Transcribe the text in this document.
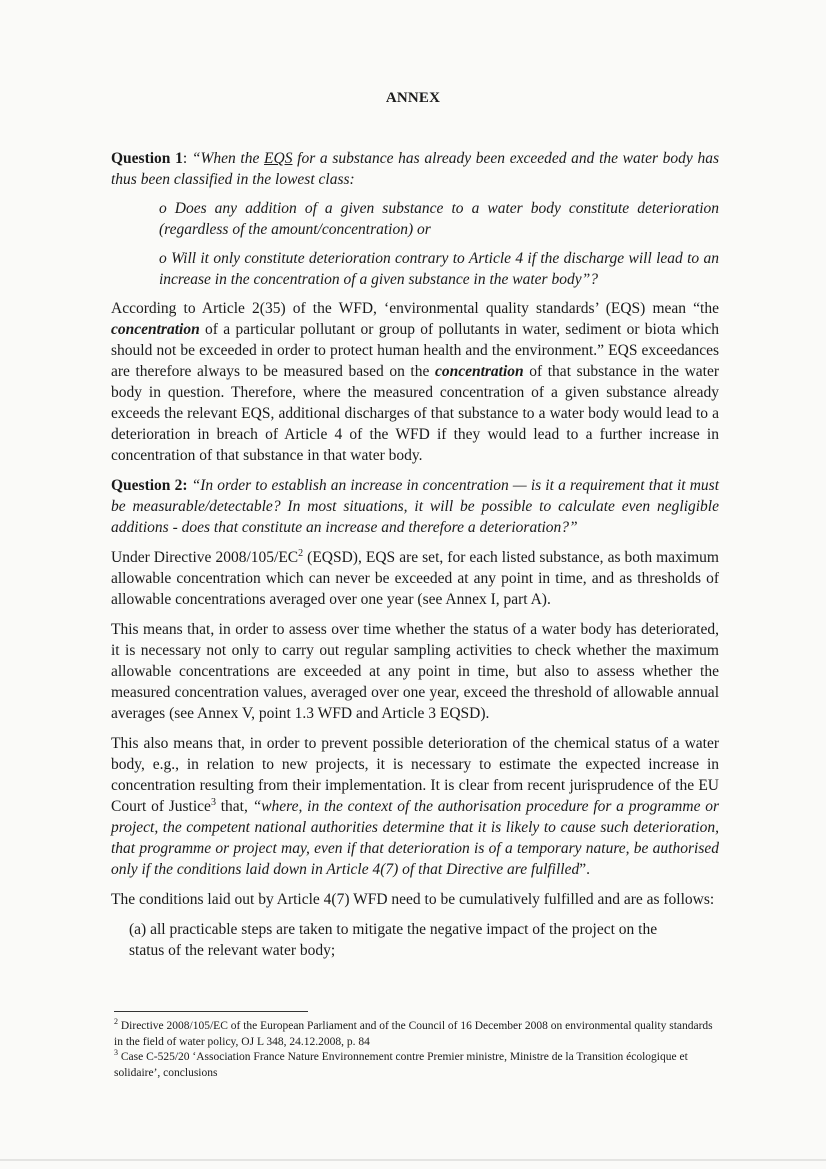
ANNEX

Question 1: “When the EQS for a substance has already been exceeded and the water body has thus been classified in the lowest class:

o Does any addition of a given substance to a water body constitute deterioration (regardless of the amount/concentration) or

o Will it only constitute deterioration contrary to Article 4 if the discharge will lead to an increase in the concentration of a given substance in the water body”?

According to Article 2(35) of the WFD, ‘environmental quality standards’ (EQS) mean “the concentration of a particular pollutant or group of pollutants in water, sediment or biota which should not be exceeded in order to protect human health and the environment.” EQS exceedances are therefore always to be measured based on the concentration of that substance in the water body in question. Therefore, where the measured concentration of a given substance already exceeds the relevant EQS, additional discharges of that substance to a water body would lead to a deterioration in breach of Article 4 of the WFD if they would lead to a further increase in concentration of that substance in that water body.

Question 2: “In order to establish an increase in concentration — is it a requirement that it must be measurable/detectable? In most situations, it will be possible to calculate even negligible additions - does that constitute an increase and therefore a deterioration?”

Under Directive $2008/105/EC^2$ (EQSD), EQS are set, for each listed substance, as both maximum allowable concentration which can never be exceeded at any point in time, and as thresholds of allowable concentrations averaged over one year (see Annex I, part A).

This means that, in order to assess over time whether the status of a water body has deteriorated, it is necessary not only to carry out regular sampling activities to check whether the maximum allowable concentrations are exceeded at any point in time, but also to assess whether the measured concentration values, averaged over one year, exceed the threshold of allowable annual averages (see Annex V, point 1.3 WFD and Article 3 EQSD).

This also means that, in order to prevent possible deterioration of the chemical status of a water body, e.g., in relation to new projects, it is necessary to estimate the expected increase in concentration resulting from their implementation. It is clear from recent jurisprudence of the EU Court of Justice$^3$ that, “where, in the context of the authorisation procedure for a programme or project, the competent national authorities determine that it is likely to cause such deterioration, that programme or project may, even if that deterioration is of a temporary nature, be authorised only if the conditions laid down in Article 4(7) of that Directive are fulfilled”.

The conditions laid out by Article 4(7) WFD need to be cumulatively fulfilled and are as follows:

(a) all practicable steps are taken to mitigate the negative impact of the project on the status of the relevant water body;

$^2$ Directive 2008/105/EC of the European Parliament and of the Council of 16 December 2008 on environmental quality standards in the field of water policy, OJ L 348, 24.12.2008, p. 84

$^3$ Case C-525/20 ‘Association France Nature Environnement contre Premier ministre, Ministre de la Transition écologique et solidaire’, conclusions
